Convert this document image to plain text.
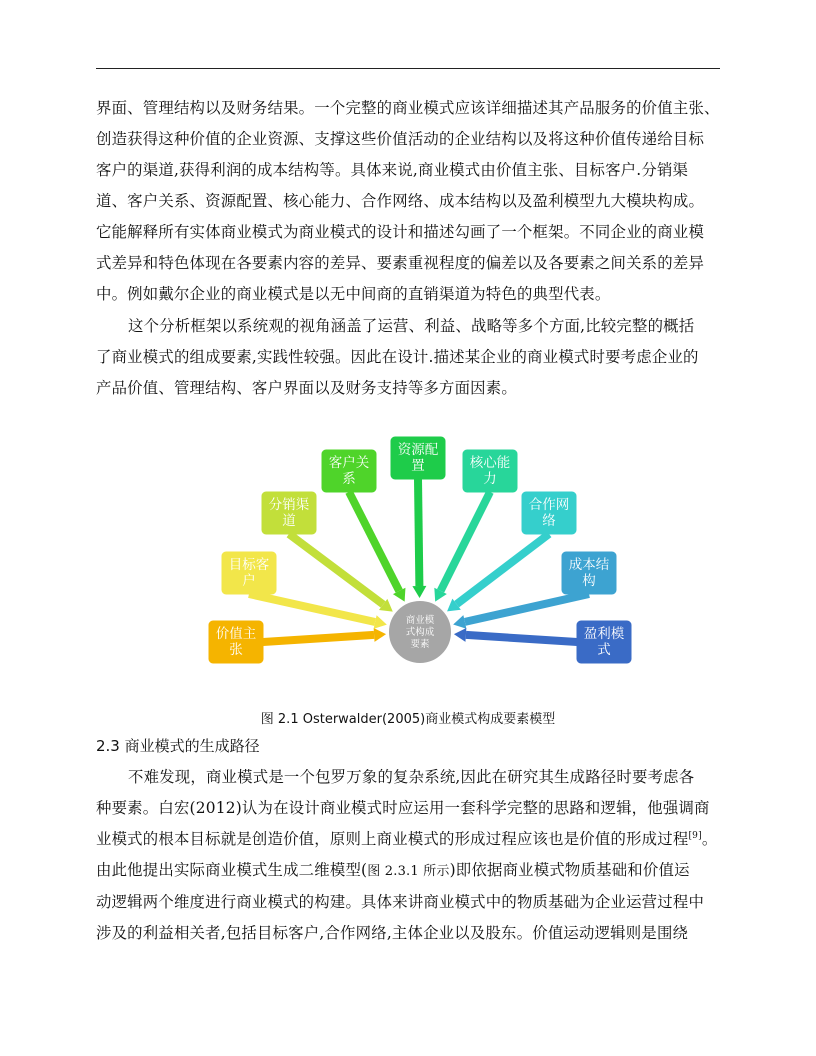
界面、管理结构以及财务结果。一个完整的商业模式应该详细描述其产品服务的价值主张、

创造获得这种价值的企业资源、支撑这些价值活动的企业结构以及将这种价值传递给目标

客户的渠道,获得利润的成本结构等。具体来说,商业模式由价值主张、目标客户.分销渠

道、客户关系、资源配置、核心能力、合作网络、成本结构以及盈利模型九大模块构成。

它能解释所有实体商业模式为商业模式的设计和描述勾画了一个框架。不同企业的商业模

式差异和特色体现在各要素内容的差异、要素重视程度的偏差以及各要素之间关系的差异

中。例如戴尔企业的商业模式是以无中间商的直销渠道为特色的典型代表。

这个分析框架以系统观的视角涵盖了运营、利益、战略等多个方面,比较完整的概括

了商业模式的组成要素,实践性较强。因此在设计.描述某企业的商业模式时要考虑企业的

产品价值、管理结构、客户界面以及财务支持等多方面因素。

价值主
张
目标客
户
分销渠
道
客户关
系
资源配
置	核心能
力
合作网
络
成本结
构
盈利模
式
商业模
式构成
要素
图 2.1 Osterwalder(2005)商业模式构成要素模型
2.3 商业模式的生成路径

不难发现，商业模式是一个包罗万象的复杂系统,因此在研究其生成路径时要考虑各

种要素。白宏(2012)认为在设计商业模式时应运用一套科学完整的思路和逻辑，他强调商

业模式的根本目标就是创造价值，原则上商业模式的形成过程应该也是价值的形成过程[9]。

由此他提出实际商业模式生成二维模型(图 2.3.1 所示)即依据商业模式物质基础和价值运

动逻辑两个维度进行商业模式的构建。具体来讲商业模式中的物质基础为企业运营过程中

涉及的利益相关者,包括目标客户,合作网络,主体企业以及股东。价值运动逻辑则是围绕
